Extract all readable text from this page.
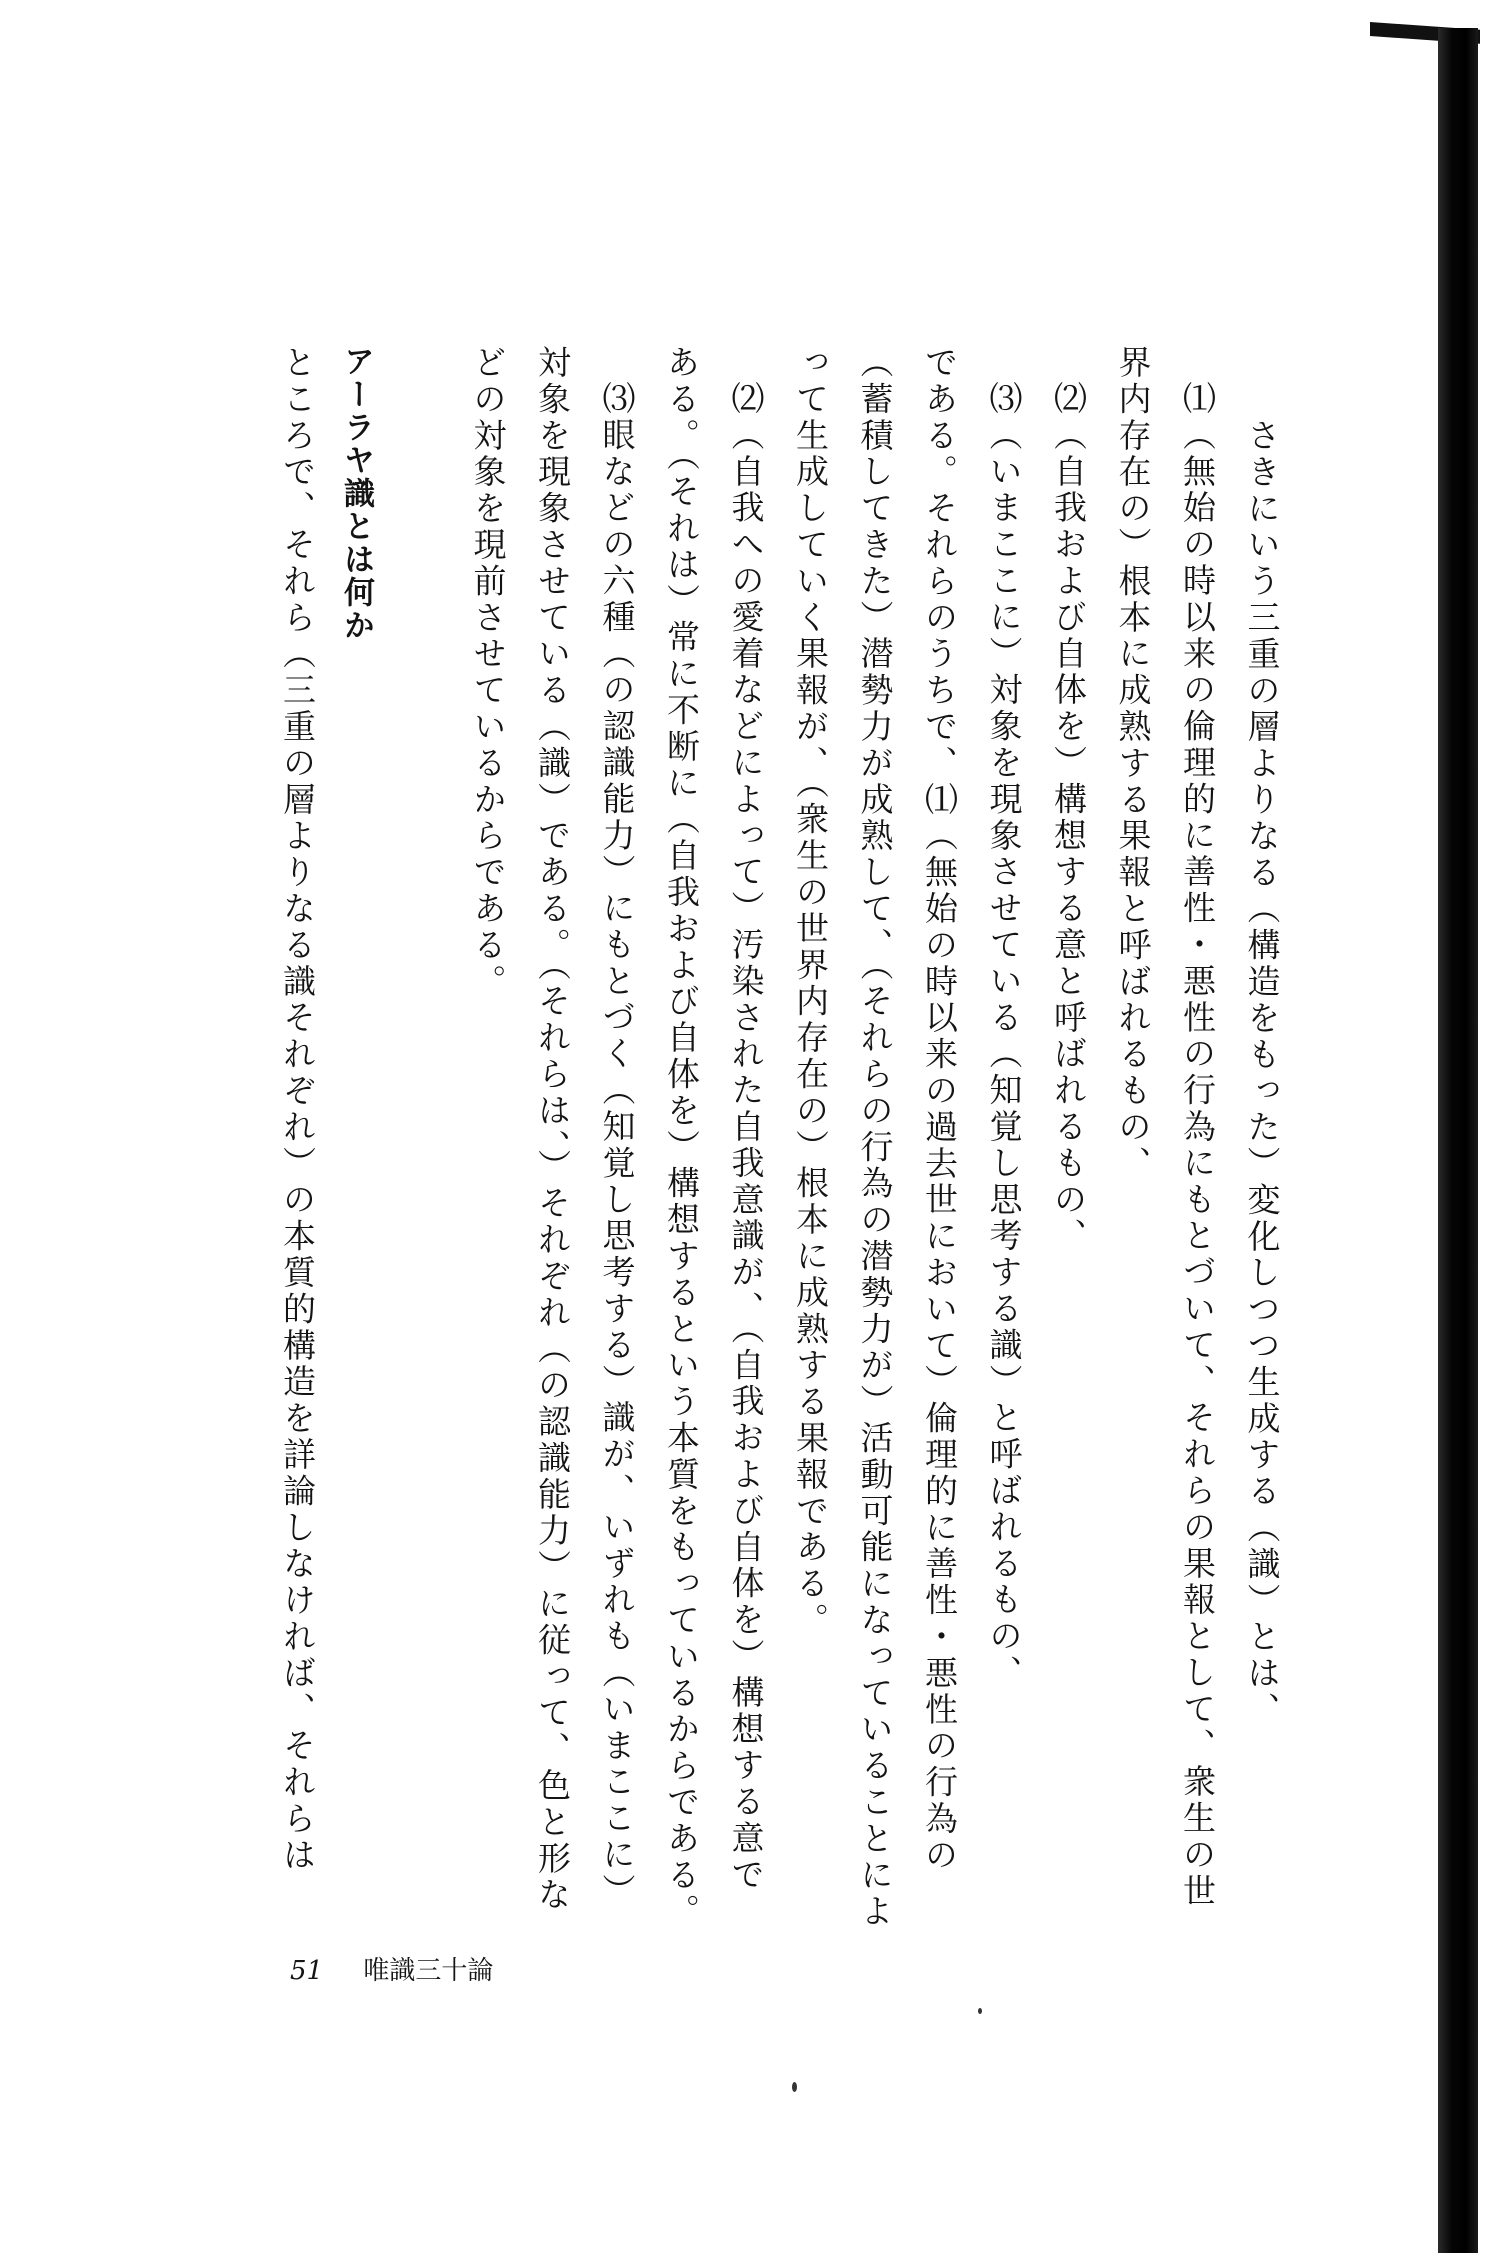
さきにいう三重の層よりなる（構造をもった）変化しつつ生成する（識）とは、

⑴（無始の時以来の倫理的に善性・悪性の行為にもとづいて、それらの果報として、衆生の世

界内存在の）根本に成熟する果報と呼ばれるもの、

⑵（自我および自体を）構想する意と呼ばれるもの、

⑶（いまここに）対象を現象させている（知覚し思考する識）と呼ばれるもの、

である。それらのうちで、⑴（無始の時以来の過去世において）倫理的に善性・悪性の行為の

（蓄積してきた）潜勢力が成熟して、（それらの行為の潜勢力が）活動可能になっていることによ

って生成していく果報が、（衆生の世界内存在の）根本に成熟する果報である。

⑵（自我への愛着などによって）汚染された自我意識が、（自我および自体を）構想する意で

ある。（それは）常に不断に（自我および自体を）構想するという本質をもっているからである。

⑶眼などの六種（の認識能力）にもとづく（知覚し思考する）識が、いずれも（いまここに）

対象を現象させている（識）である。（それらは、）それぞれ（の認識能力）に従って、色と形な

どの対象を現前させているからである。

アーラヤ識とは何か
ところで、それら（三重の層よりなる識それぞれ）の本質的構造を詳論しなければ、それらは
51 唯識三十論
